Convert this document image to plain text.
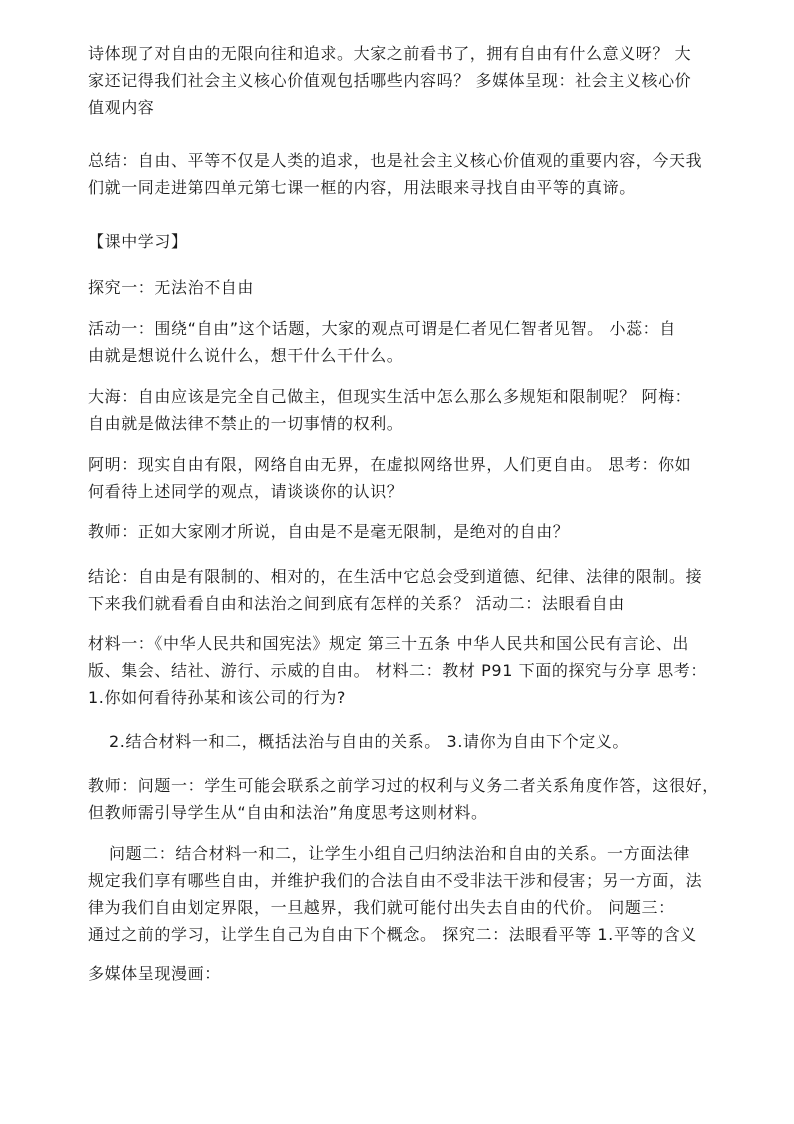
诗体现了对自由的无限向往和追求。大家之前看书了，拥有自由有什么意义呀？ 大
家还记得我们社会主义核心价值观包括哪些内容吗？ 多媒体呈现：社会主义核心价
值观内容

总结：自由、平等不仅是人类的追求，也是社会主义核心价值观的重要内容，今天我
们就一同走进第四单元第七课一框的内容，用法眼来寻找自由平等的真谛。

【课中学习】

探究一：无法治不自由

活动一：围绕“自由”这个话题，大家的观点可谓是仁者见仁智者见智。 小蕊：自
由就是想说什么说什么，想干什么干什么。

大海：自由应该是完全自己做主，但现实生活中怎么那么多规矩和限制呢？ 阿梅：
自由就是做法律不禁止的一切事情的权利。

阿明：现实自由有限，网络自由无界，在虚拟网络世界，人们更自由。 思考：你如
何看待上述同学的观点，请谈谈你的认识？

教师：正如大家刚才所说，自由是不是毫无限制，是绝对的自由？

结论：自由是有限制的、相对的，在生活中它总会受到道德、纪律、法律的限制。接
下来我们就看看自由和法治之间到底有怎样的关系？ 活动二：法眼看自由

材料一：《中华人民共和国宪法》规定 第三十五条 中华人民共和国公民有言论、出
版、集会、结社、游行、示威的自由。 材料二：教材 P91 下面的探究与分享 思考：
1.你如何看待孙某和该公司的行为?

2.结合材料一和二，概括法治与自由的关系。 3.请你为自由下个定义。

教师：问题一：学生可能会联系之前学习过的权利与义务二者关系角度作答，这很好，
但教师需引导学生从“自由和法治”角度思考这则材料。

问题二：结合材料一和二，让学生小组自己归纳法治和自由的关系。一方面法律
规定我们享有哪些自由，并维护我们的合法自由不受非法干涉和侵害；另一方面，法
律为我们自由划定界限，一旦越界，我们就可能付出失去自由的代价。 问题三：
通过之前的学习，让学生自己为自由下个概念。 探究二：法眼看平等 1.平等的含义

多媒体呈现漫画：
